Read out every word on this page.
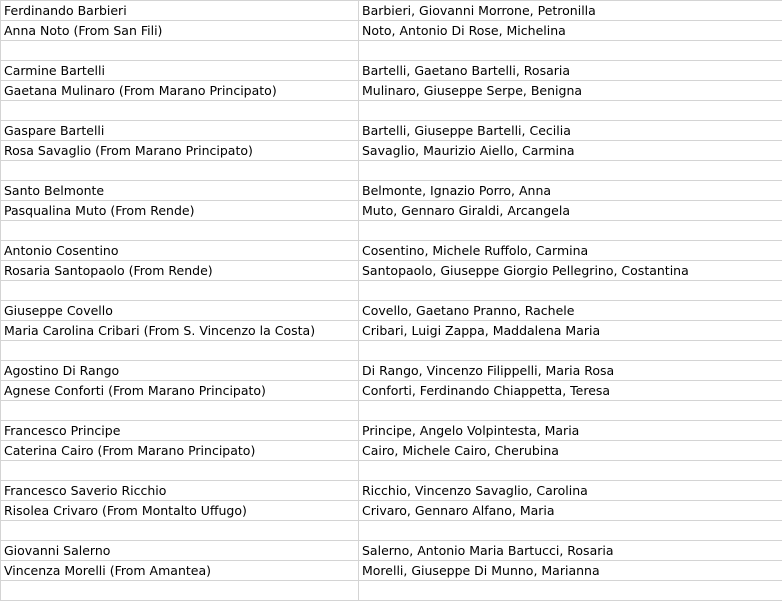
Ferdinando Barbieri	Barbieri, Giovanni Morrone, Petronilla
Anna Noto (From San Fili)	Noto, Antonio Di Rose, Michelina

Carmine Bartelli	Bartelli, Gaetano Bartelli, Rosaria
Gaetana Mulinaro (From Marano Principato)	Mulinaro, Giuseppe Serpe, Benigna

Gaspare Bartelli	Bartelli, Giuseppe Bartelli, Cecilia
Rosa Savaglio (From Marano Principato)	Savaglio, Maurizio Aiello, Carmina

Santo Belmonte	Belmonte, Ignazio Porro, Anna
Pasqualina Muto (From Rende)	Muto, Gennaro Giraldi, Arcangela

Antonio Cosentino	Cosentino, Michele Ruffolo, Carmina
Rosaria Santopaolo (From Rende)	Santopaolo, Giuseppe Giorgio Pellegrino, Costantina

Giuseppe Covello	Covello, Gaetano Pranno, Rachele
Maria Carolina Cribari (From S. Vincenzo la Costa)	Cribari, Luigi Zappa, Maddalena Maria

Agostino Di Rango	Di Rango, Vincenzo Filippelli, Maria Rosa
Agnese Conforti (From Marano Principato)	Conforti, Ferdinando Chiappetta, Teresa

Francesco Principe	Principe, Angelo Volpintesta, Maria
Caterina Cairo (From Marano Principato)	Cairo, Michele Cairo, Cherubina

Francesco Saverio Ricchio	Ricchio, Vincenzo Savaglio, Carolina
Risolea Crivaro (From Montalto Uffugo)	Crivaro, Gennaro Alfano, Maria

Giovanni Salerno	Salerno, Antonio Maria Bartucci, Rosaria
Vincenza Morelli (From Amantea)	Morelli, Giuseppe Di Munno, Marianna
